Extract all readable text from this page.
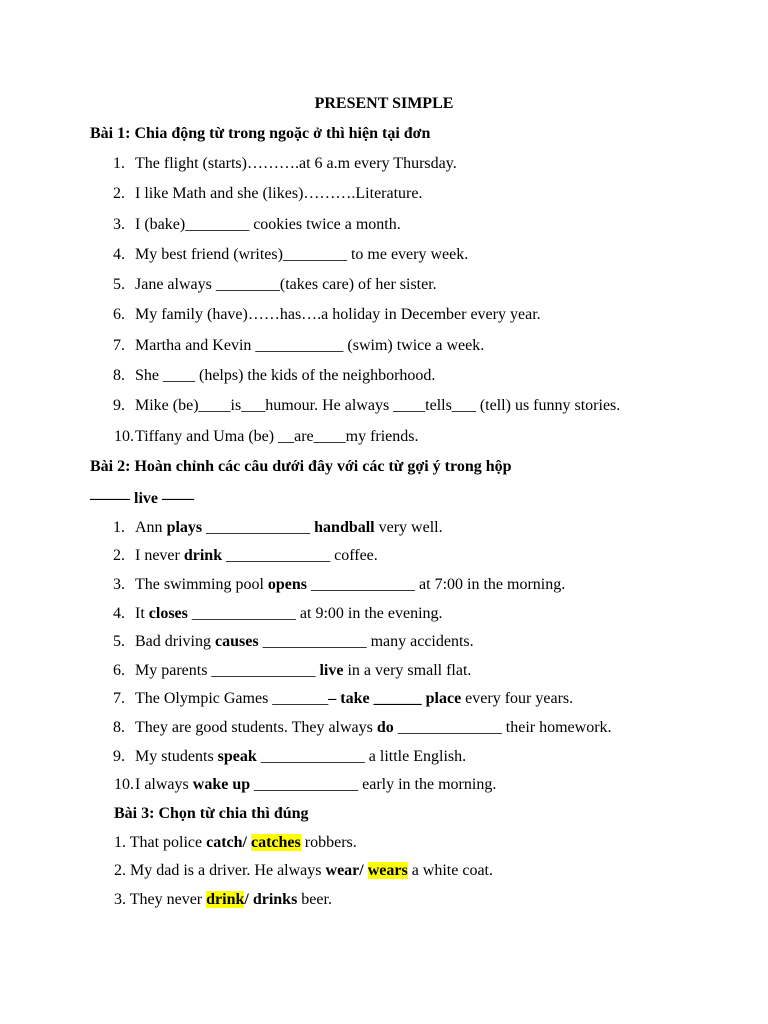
PRESENT SIMPLE
Bài 1: Chia động từ trong ngoặc ở thì hiện tại đơn
1. The flight (starts)……….at 6 a.m every Thursday.
2. I like Math and she (likes)……….Literature.
3. I (bake)________ cookies twice a month.
4. My best friend (writes)________ to me every week.
5. Jane always ________(takes care) of her sister.
6. My family (have)……has….a holiday in December every year.
7. Martha and Kevin ___________ (swim) twice a week.
8. She ____ (helps) the kids of the neighborhood.
9. Mike (be)____is___humour. He always ____tells___ (tell) us funny stories.
10. Tiffany and Uma (be) __are____my friends.
Bài 2: Hoàn chỉnh các câu dưới đây với các từ gợi ý trong hộp
——– live ——
1. Ann plays _____________ handball very well.
2. I never drink _____________ coffee.
3. The swimming pool opens _____________ at 7:00 in the morning.
4. It closes _____________ at 9:00 in the evening.
5. Bad driving causes _____________ many accidents.
6. My parents _____________ live in a very small flat.
7. The Olympic Games _______– take ______ place every four years.
8. They are good students. They always do _____________ their homework.
9. My students speak _____________ a little English.
10. I always wake up _____________ early in the morning.
Bài 3: Chọn từ chia thì đúng
1. That police catch/ catches robbers.
2. My dad is a driver. He always wear/ wears a white coat.
3. They never drink/ drinks beer.
